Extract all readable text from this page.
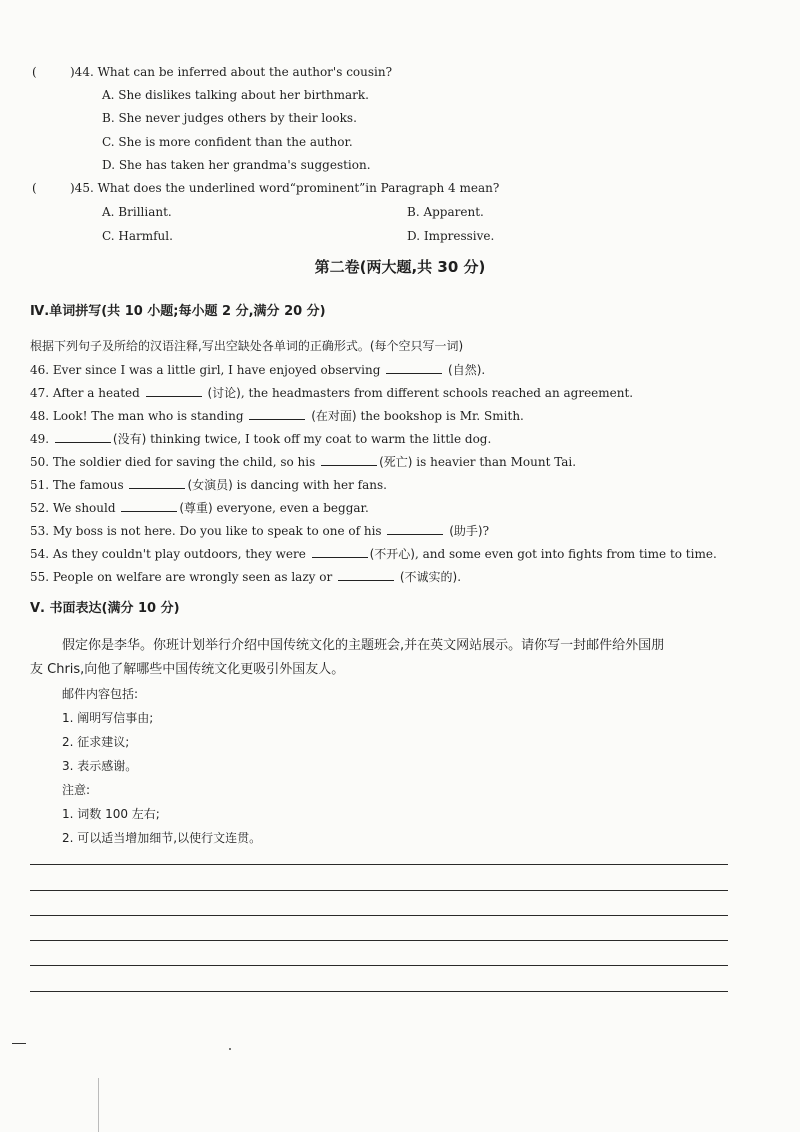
(	)44. What can be inferred about the author's cousin?
A. She dislikes talking about her birthmark.
B. She never judges others by their looks.
C. She is more confident than the author.
D. She has taken her grandma's suggestion.
(	)45. What does the underlined word“prominent”in Paragraph 4 mean?
A. Brilliant.	B. Apparent.
C. Harmful.	D. Impressive.
第二卷(两大题,共 30 分)
Ⅳ.单词拼写(共 10 小题;每小题 2 分,满分 20 分)
根据下列句子及所给的汉语注释,写出空缺处各单词的正确形式。(每个空只写一词)
46. Ever since I was a little girl, I have enjoyed observing	(自然).
47. After a heated	(讨论), the headmasters from different schools reached an agreement.
48. Look! The man who is standing	(在对面) the bookshop is Mr. Smith.
49.	(没有) thinking twice, I took off my coat to warm the little dog.
50. The soldier died for saving the child, so his	(死亡) is heavier than Mount Tai.
51. The famous	(女演员) is dancing with her fans.
52. We should	(尊重) everyone, even a beggar.
53. My boss is not here. Do you like to speak to one of his	(助手)?
54. As they couldn't play outdoors, they were	(不开心), and some even got into fights from time to time.
55. People on welfare are wrongly seen as lazy or	(不诚实的).
Ⅴ. 书面表达(满分 10 分)
假定你是李华。你班计划举行介绍中国传统文化的主题班会,并在英文网站展示。请你写一封邮件给外国朋
友 Chris,向他了解哪些中国传统文化更吸引外国友人。
邮件内容包括:
1. 阐明写信事由;
2. 征求建议;
3. 表示感谢。
注意:
1. 词数 100 左右;
2. 可以适当增加细节,以使行文连贯。
